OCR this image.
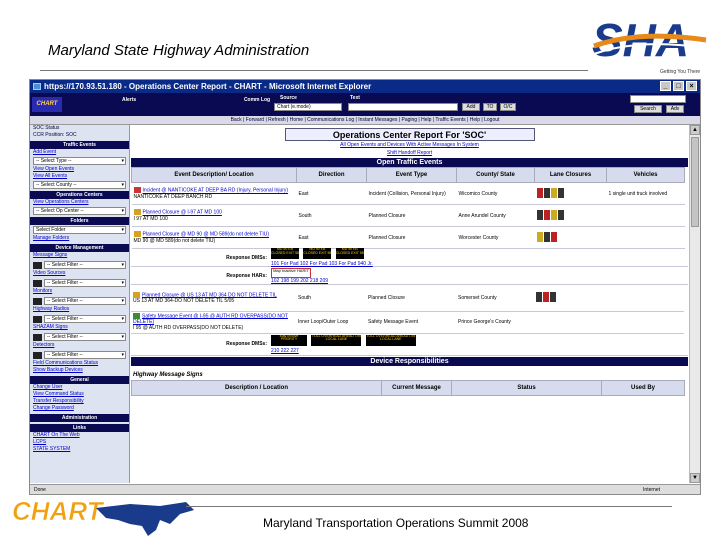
Maryland State Highway Administration	SHA
Getting You There
https://170.93.51.180 - Operations Center Report - CHART - Microsoft Internet Explorer	_	□	×
CHART
Alerts	Comm Log	Source
Chart (e.mode)
Text
Add	TO	O/C	Search	Adv
Back | Forward | Refresh | Home | Communications Log | Instant Messages | Paging | Help | Traffic Events | Help | Logout
SOC Status
CCR Position: SOC
Traffic Events
Add Event
-- Select Type -- ▾
View Open Events
View All Events
-- Select County -- ▾
Operations Centers
View Operations Centers
-- Select Op Center -- ▾
Folders
Select Folder ▾
Manage Folders
Device Management
Message Signs
-- Select Filter -- ▾
Video Sources
-- Select Filter -- ▾
Monitors
-- Select Filter -- ▾
Highway Radios
-- Select Filter -- ▾
SHAZAM Signs
-- Select Filter -- ▾
Detectors
-- Select Filter -- ▾
Field Communications Status
Show Backup Devices
General
Change User
View Command Status
Transfer Responsibility
Change Password
Administration
Links
CHART On The Web
LCPS
STATE SYSTEM
Operations Center Report For 'SOC'
All Open Events and Devices With Active Messages In System
Shift Handoff Report
Open Traffic Events
Event Description/ Location	Direction	Event Type	County/ State	Lane Closures	Vehicles
Incident @ NANTICOKE AT DEEP BA RD (Injury, Personal Injury)
NANTICOKE AT DEEP BANCH RD	East	Incident (Collision, Personal Injury)	Wicomico County		1 single unit truck involved
Planned Closure @ I-97 AT MD 100
I 97 AT MD 100	South	Planned Closure	Anne Arundel County	

Planned Closure @ MD 90 @ MD 589(do not delete TIU)
MD 90 @ MD 589(do not delete TIU)	East	Planned Closure	Worcester County	

Response DMSs:
MD 90 EB CLOSED EXIT 58 MD 90 EB CLOSED EXIT 58 MD 90 EB CLOSED EXIT 58
101 For Pad 102 For Pad 103 For Pad 940 Jr.
Response HARs:
Map Inactive HARIT
102 198 199 202 218 209
Planned Closure @ US 13 AT MD 364 DO NOT DELETE TIL
US 13 AT MD 364-DO NOT DELETE TIL 5/05	South	Planned Closure	Somerset County	

Safety Message Event @ I-95 @ AUTH RD OVERPASS(DO NOT DELETE)
I 95 @ AUTH RD OVERPASS(DO NOT DELETE)	Inner Loop/Outer Loop	Safety Message Event	Prince George's County		
Response DMSs:
May Involve PRIORITY TOLL OVERHEAD AHEAD I-95 LOCAL LANE TOLL OVERHEAD AHEAD I-95 LOCAL LANE
210 222 227
Device Responsibilities
Highway Message Signs
Description / Location	Current Message	Status	Used By
▲
▼
Done	Internet
CHART	Maryland Transportation Operations Summit 2008
